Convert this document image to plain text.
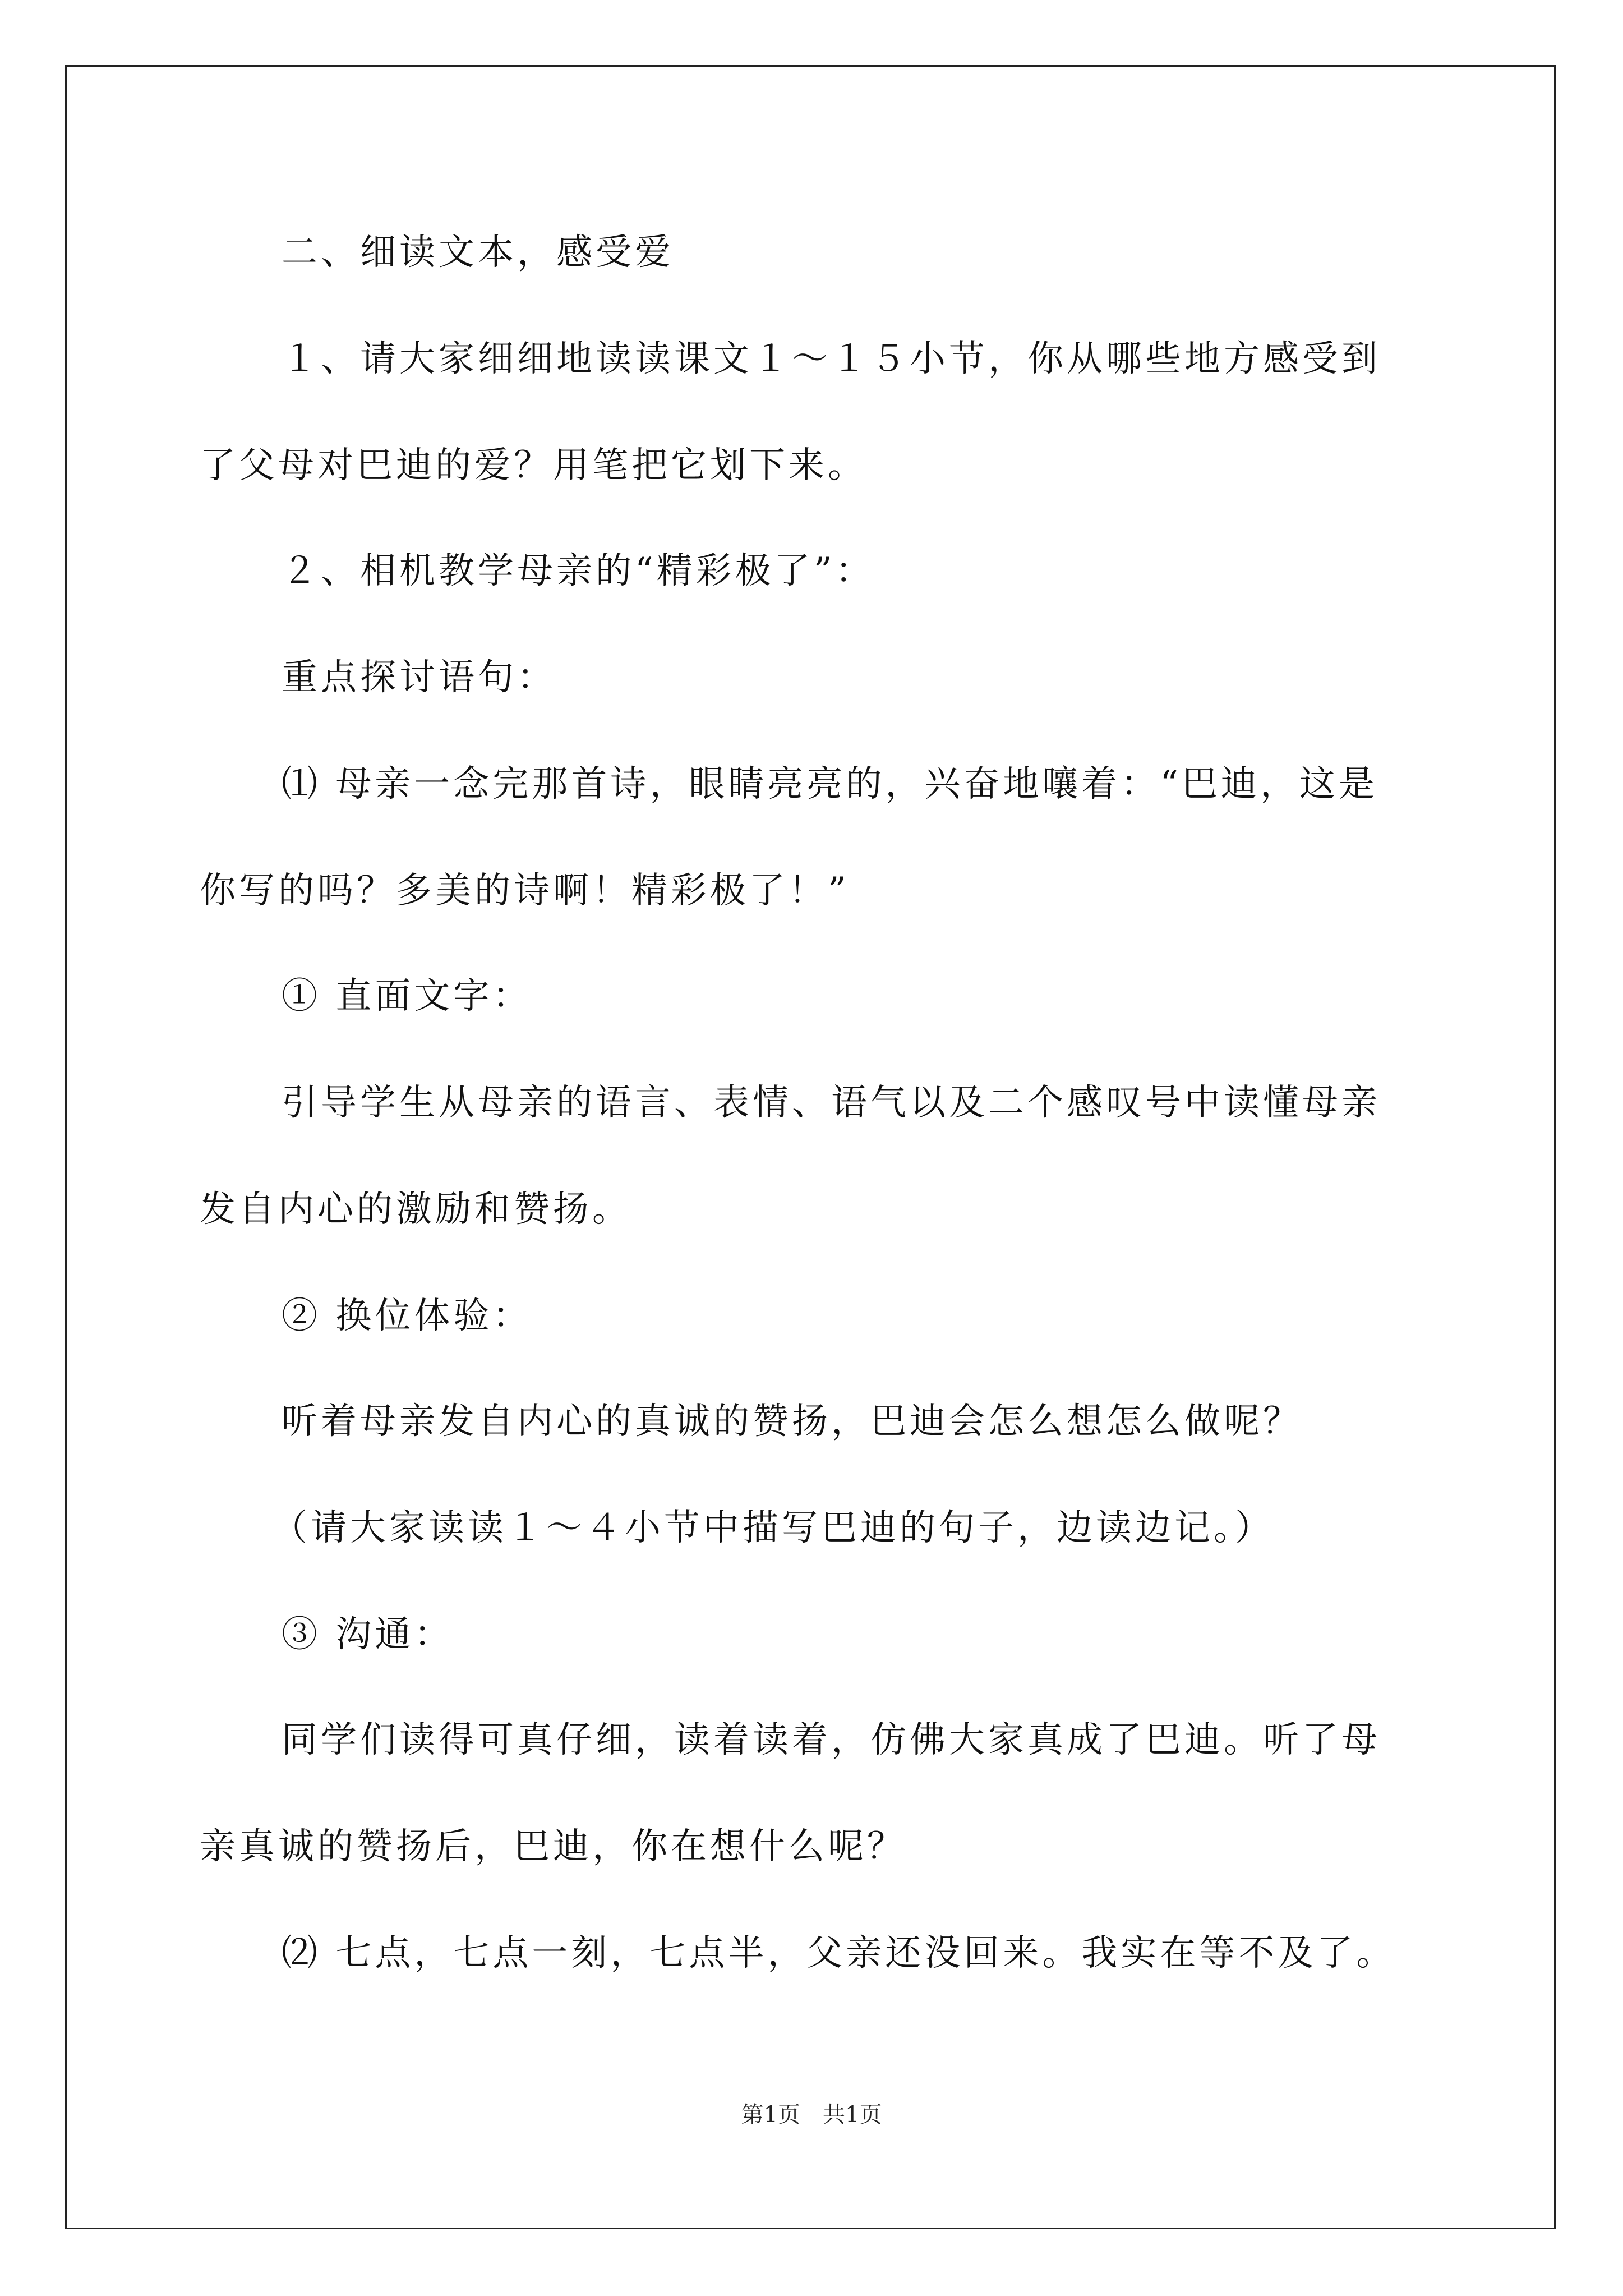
二、细读文本，感受爱
１、请大家细细地读读课文１～１５小节，你从哪些地方感受到
了父母对巴迪的爱？用笔把它划下来。
２、相机教学母亲的“精彩极了”：
重点探讨语句：
⑴ 母亲一念完那首诗，眼睛亮亮的，兴奋地嚷着：“巴迪，这是
你写的吗？多美的诗啊！精彩极了！”
① 直面文字：
引导学生从母亲的语言、表情、语气以及二个感叹号中读懂母亲
发自内心的激励和赞扬。
② 换位体验：
听着母亲发自内心的真诚的赞扬，巴迪会怎么想怎么做呢？
（请大家读读１～４小节中描写巴迪的句子，边读边记。）
③ 沟通：
同学们读得可真仔细，读着读着，仿佛大家真成了巴迪。听了母
亲真诚的赞扬后，巴迪，你在想什么呢？
⑵ 七点，七点一刻，七点半，父亲还没回来。我实在等不及了。
第1页　共1页
